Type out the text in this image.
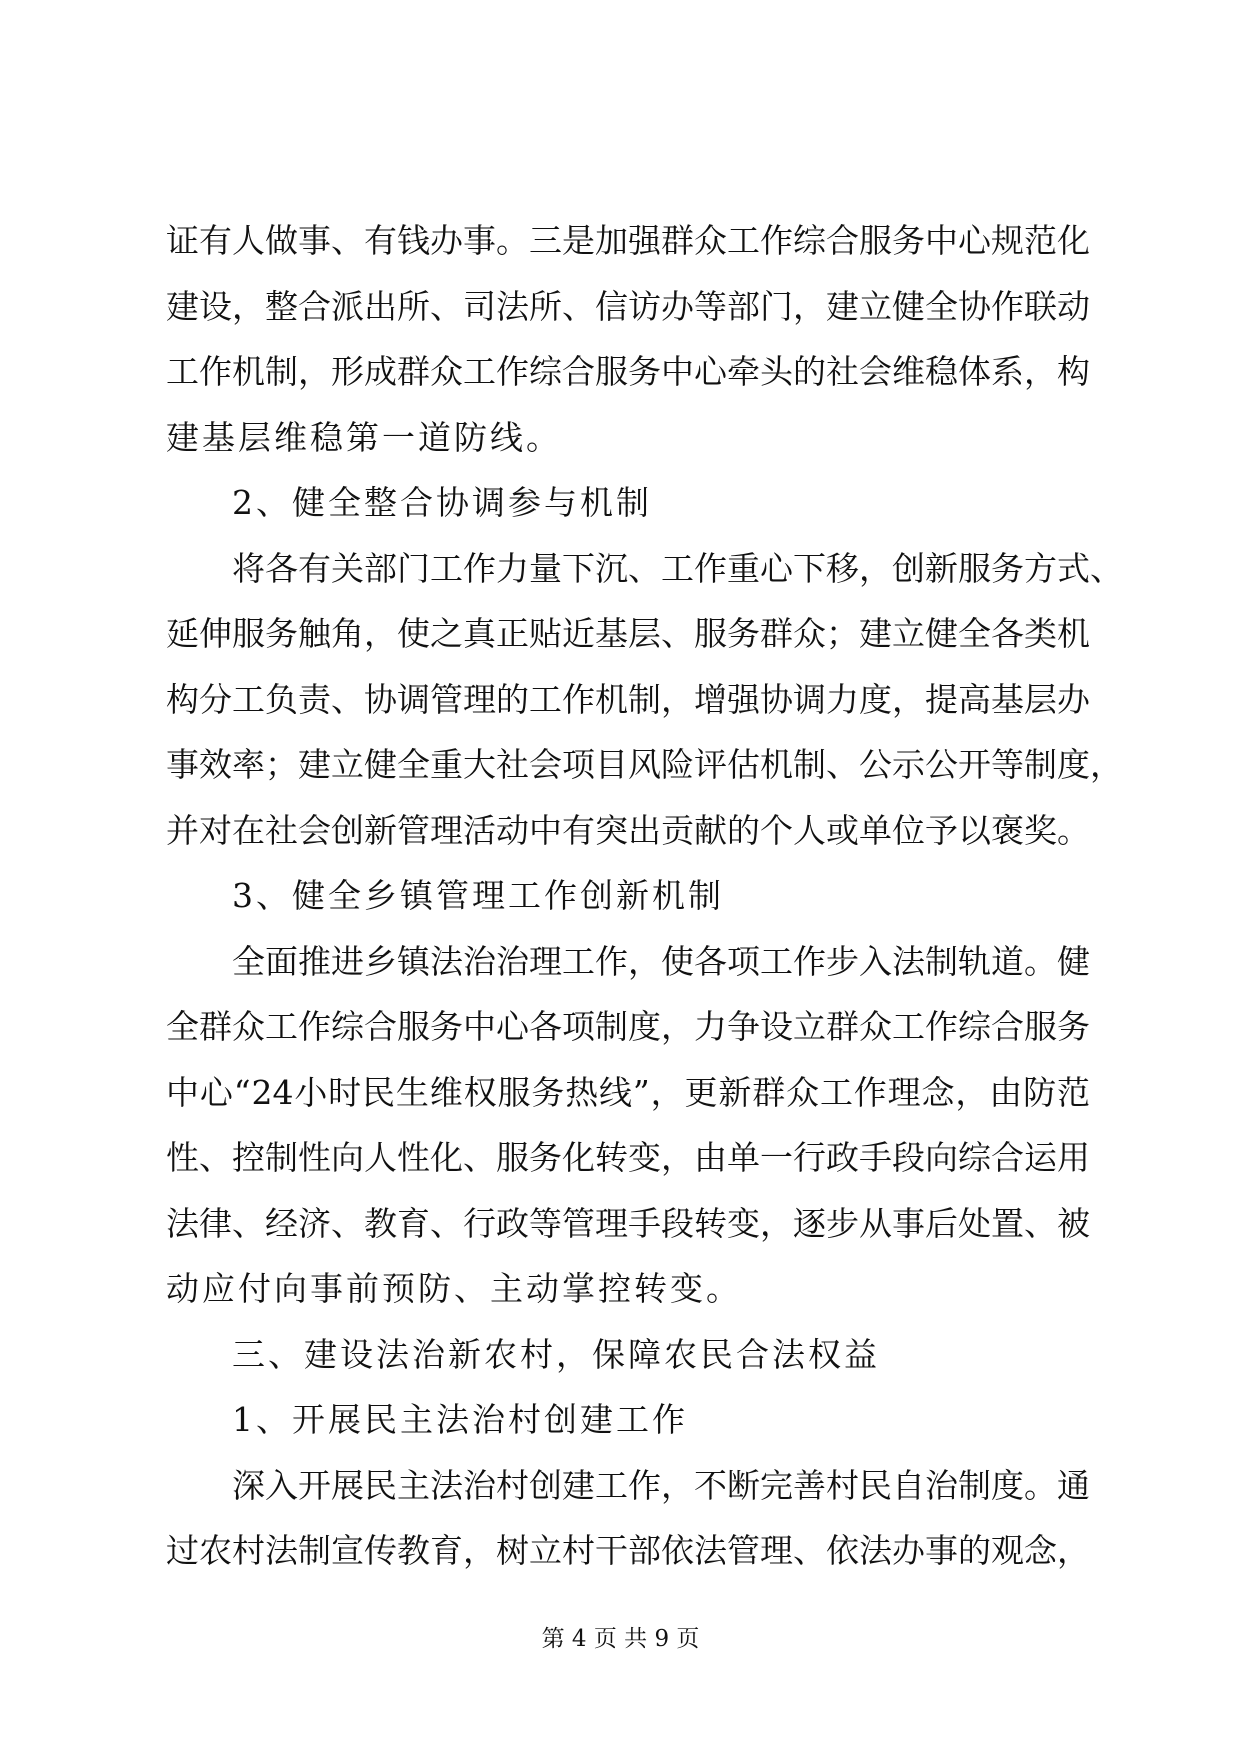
证 有 人 做 事 、 有 钱 办 事 。 三 是 加 强 群 众 工 作 综 合 服 务 中 心 规 范 化
建 设 ， 整 合 派 出 所 、 司 法 所 、 信 访 办 等 部 门 ， 建 立 健 全 协 作 联 动
工 作 机 制 ， 形 成 群 众 工 作 综 合 服 务 中 心 牵 头 的 社 会 维 稳 体 系 ， 构
建 基 层 维 稳 第 一 道 防 线 。
2 、 健 全 整 合 协 调 参 与 机 制
将 各 有 关 部 门 工 作 力 量 下 沉 、 工 作 重 心 下 移 ， 创 新 服 务 方 式 、
延 伸 服 务 触 角 ， 使 之 真 正 贴 近 基 层 、 服 务 群 众 ； 建 立 健 全 各 类 机
构 分 工 负 责 、 协 调 管 理 的 工 作 机 制 ， 增 强 协 调 力 度 ， 提 高 基 层 办
事 效 率 ； 建 立 健 全 重 大 社 会 项 目 风 险 评 估 机 制 、 公 示 公 开 等 制 度 ，
并 对 在 社 会 创 新 管 理 活 动 中 有 突 出 贡 献 的 个 人 或 单 位 予 以 褒 奖 。
3 、 健 全 乡 镇 管 理 工 作 创 新 机 制
全 面 推 进 乡 镇 法 治 治 理 工 作 ， 使 各 项 工 作 步 入 法 制 轨 道 。 健
全 群 众 工 作 综 合 服 务 中 心 各 项 制 度 ， 力 争 设 立 群 众 工 作 综 合 服 务
中 心 “ 24 小 时 民 生 维 权 服 务 热 线 ” ， 更 新 群 众 工 作 理 念 ， 由 防 范
性 、 控 制 性 向 人 性 化 、 服 务 化 转 变 ， 由 单 一 行 政 手 段 向 综 合 运 用
法 律 、 经 济 、 教 育 、 行 政 等 管 理 手 段 转 变 ， 逐 步 从 事 后 处 置 、 被
动 应 付 向 事 前 预 防 、 主 动 掌 控 转 变 。
三 、 建 设 法 治 新 农 村 ， 保 障 农 民 合 法 权 益
1 、 开 展 民 主 法 治 村 创 建 工 作
深 入 开 展 民 主 法 治 村 创 建 工 作 ， 不 断 完 善 村 民 自 治 制 度 。 通
过 农 村 法 制 宣 传 教 育 ， 树 立 村 干 部 依 法 管 理 、 依 法 办 事 的 观 念 ，
第 4 页 共 9 页
